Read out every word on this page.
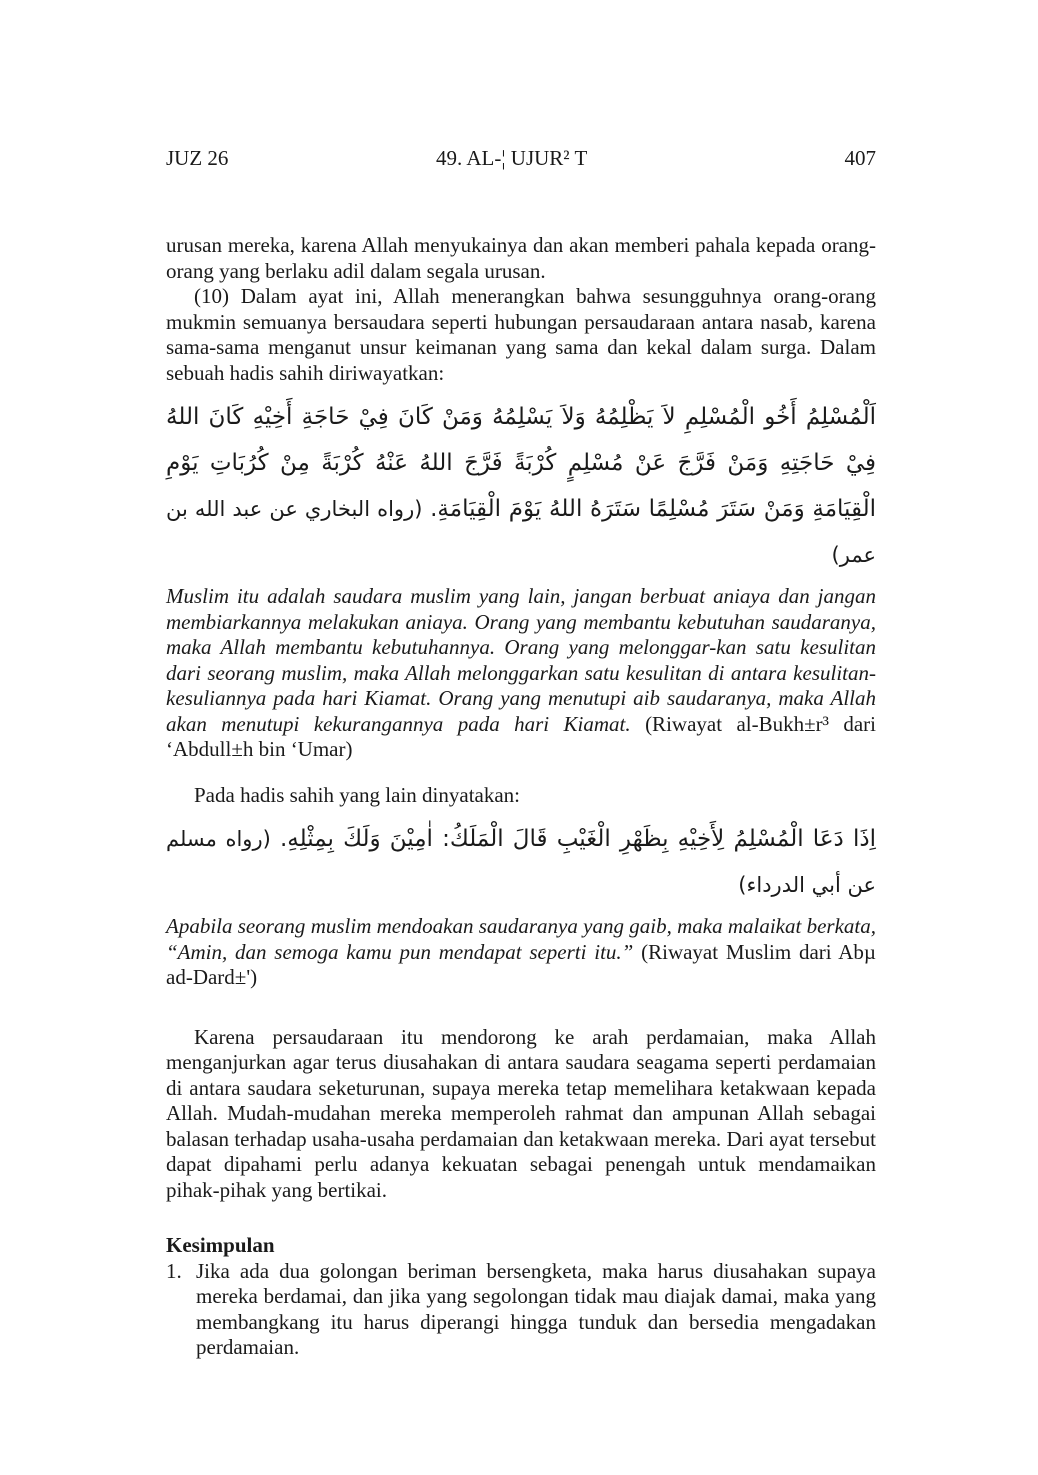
JUZ 26	49. AL-¦ UJUR² T	407

urusan mereka, karena Allah menyukainya dan akan memberi pahala kepada orang-orang yang berlaku adil dalam segala urusan.

(10) Dalam ayat ini, Allah menerangkan bahwa sesungguhnya orang-orang mukmin semuanya bersaudara seperti hubungan persaudaraan antara nasab, karena sama-sama menganut unsur keimanan yang sama dan kekal dalam surga. Dalam sebuah hadis sahih diriwayatkan:

اَلْمُسْلِمُ أَخُو الْمُسْلِمِ لاَ يَظْلِمُهُ وَلاَ يَسْلِمُهُ وَمَنْ كَانَ فِيْ حَاجَةِ أَخِيْهِ كَانَ اللهُ فِيْ حَاجَتِهِ وَمَنْ فَرَّجَ عَنْ مُسْلِمٍ كُرْبَةً فَرَّجَ اللهُ عَنْهُ كُرْبَةً مِنْ كُرُبَاتِ يَوْمِ الْقِيَامَةِ وَمَنْ سَتَرَ مُسْلِمًا سَتَرَهُ اللهُ يَوْمَ الْقِيَامَةِ. (رواه البخاري عن عبد الله بن عمر)

Muslim itu adalah saudara muslim yang lain, jangan berbuat aniaya dan jangan membiarkannya melakukan aniaya. Orang yang membantu kebutuhan saudaranya, maka Allah membantu kebutuhannya. Orang yang melonggar-kan satu kesulitan dari seorang muslim, maka Allah melonggarkan satu kesulitan di antara kesulitan-kesuliannya pada hari Kiamat. Orang yang menutupi aib saudaranya, maka Allah akan menutupi kekurangannya pada hari Kiamat. (Riwayat al-Bukh±r³ dari ‘Abdull±h bin ‘Umar)

Pada hadis sahih yang lain dinyatakan:

اِذَا دَعَا الْمُسْلِمُ لِأَخِيْهِ بِظَهْرِ الْغَيْبِ قَالَ الْمَلَكُ: اٰمِيْنَ وَلَكَ بِمِثْلِهِ. (رواه مسلم عن أبي الدرداء)

Apabila seorang muslim mendoakan saudaranya yang gaib, maka malaikat berkata, “Amin, dan semoga kamu pun mendapat seperti itu.” (Riwayat Muslim dari Abµ ad-Dard±')

Karena persaudaraan itu mendorong ke arah perdamaian, maka Allah menganjurkan agar terus diusahakan di antara saudara seagama seperti perdamaian di antara saudara seketurunan, supaya mereka tetap memelihara ketakwaan kepada Allah. Mudah-mudahan mereka memperoleh rahmat dan ampunan Allah sebagai balasan terhadap usaha-usaha perdamaian dan ketakwaan mereka. Dari ayat tersebut dapat dipahami perlu adanya kekuatan sebagai penengah untuk mendamaikan pihak-pihak yang bertikai.

Kesimpulan
1. Jika ada dua golongan beriman bersengketa, maka harus diusahakan supaya mereka berdamai, dan jika yang segolongan tidak mau diajak damai, maka yang membangkang itu harus diperangi hingga tunduk dan bersedia mengadakan perdamaian.
